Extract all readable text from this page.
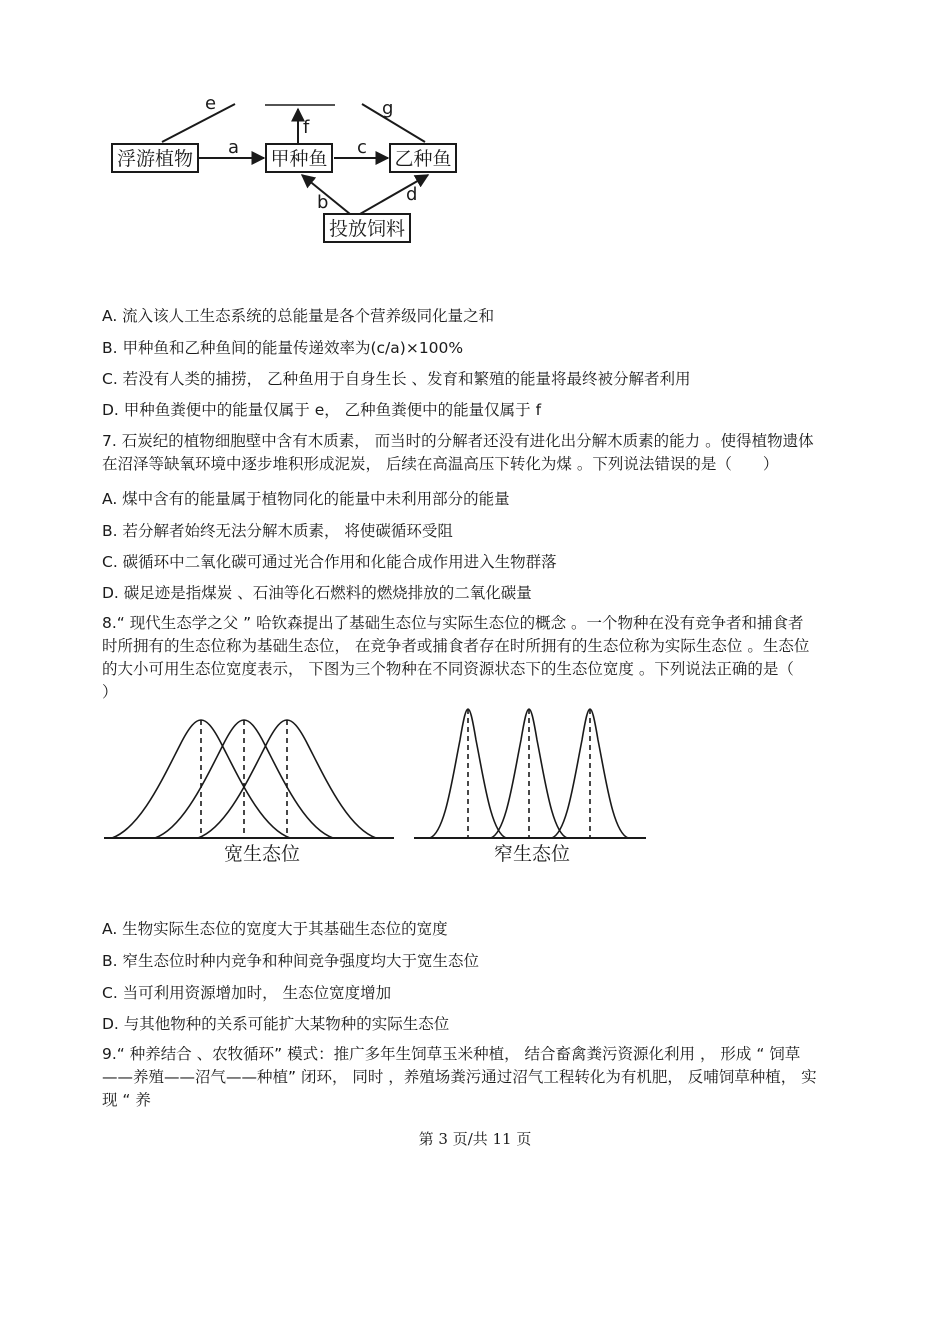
浮游植物	甲种鱼	乙种鱼
投放饲料
e	g
f
a	c
b	d
A. 流入该人工生态系统的总能量是各个营养级同化量之和
B. 甲种鱼和乙种鱼间的能量传递效率为(c/a)×100%
C. 若没有人类的捕捞， 乙种鱼用于自身生长 、发育和繁殖的能量将最终被分解者利用
D. 甲种鱼粪便中的能量仅属于 e， 乙种鱼粪便中的能量仅属于 f
7. 石炭纪的植物细胞壁中含有木质素， 而当时的分解者还没有进化出分解木质素的能力 。使得植物遗体
在沼泽等缺氧环境中逐步堆积形成泥炭， 后续在高温高压下转化为煤 。下列说法错误的是（　　）
A. 煤中含有的能量属于植物同化的能量中未利用部分的能量
B. 若分解者始终无法分解木质素， 将使碳循环受阻
C. 碳循环中二氧化碳可通过光合作用和化能合成作用进入生物群落
D. 碳足迹是指煤炭 、石油等化石燃料的燃烧排放的二氧化碳量
8.“ 现代生态学之父 ” 哈钦森提出了基础生态位与实际生态位的概念 。一个物种在没有竞争者和捕食者
时所拥有的生态位称为基础生态位， 在竞争者或捕食者存在时所拥有的生态位称为实际生态位 。生态位
的大小可用生态位宽度表示， 下图为三个物种在不同资源状态下的生态位宽度 。下列说法正确的是（
）
宽生态位	窄生态位
A. 生物实际生态位的宽度大于其基础生态位的宽度
B. 窄生态位时种内竞争和种间竞争强度均大于宽生态位
C. 当可利用资源增加时， 生态位宽度增加
D. 与其他物种的关系可能扩大某物种的实际生态位
9.“ 种养结合 、农牧循环” 模式：推广多年生饲草玉米种植， 结合畜禽粪污资源化利用 ， 形成 “ 饲草
——养殖——沼气——种植” 闭环， 同时 ，养殖场粪污通过沼气工程转化为有机肥， 反哺饲草种植， 实
现 “ 养
第 3 页/共 11 页
